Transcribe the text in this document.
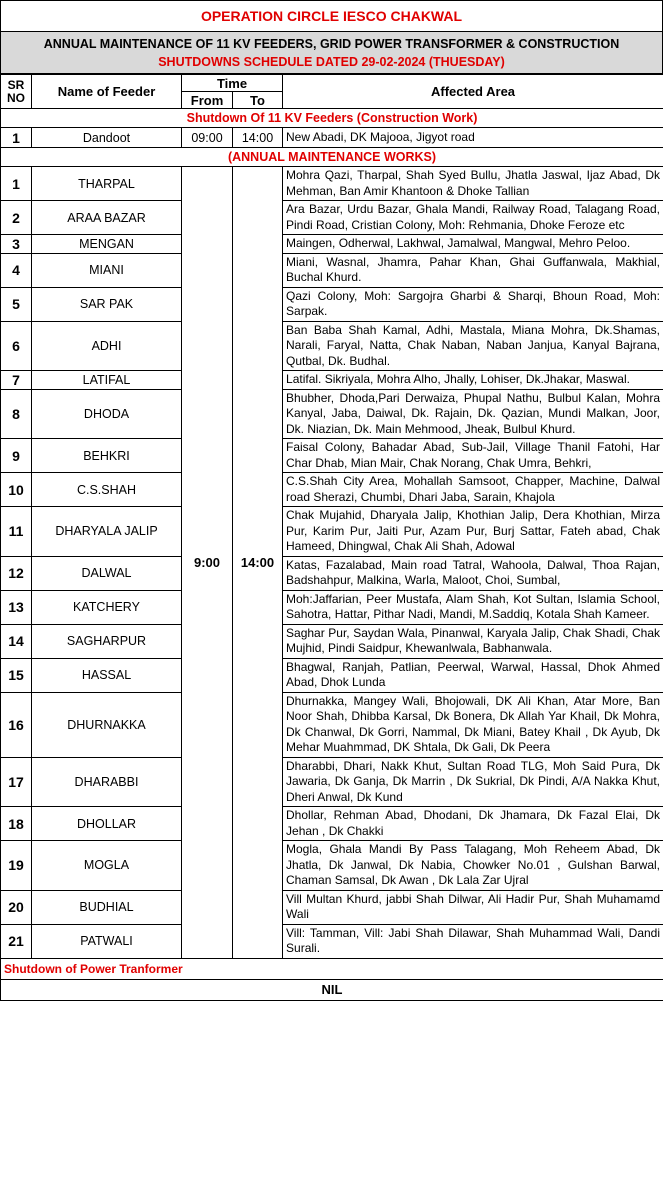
OPERATION CIRCLE IESCO CHAKWAL
ANNUAL MAINTENANCE OF 11 KV FEEDERS, GRID POWER TRANSFORMER & CONSTRUCTION
SHUTDOWNS SCHEDULE DATED 29-02-2024 (THUESDAY)
SR
NO	Name of Feeder	Time		Affected Area
		From	To	
Shutdown Of 11 KV Feeders (Construction Work)				
1	Dandoot	09:00	14:00	New Abadi, DK Majooa, Jigyot road
(ANNUAL MAINTENANCE WORKS)				
1	THARPAL	9:00	14:00	Mohra Qazi, Tharpal, Shah Syed Bullu, Jhatla Jaswal, Ijaz Abad, Dk Mehman, Ban Amir Khantoon & Dhoke Tallian
2	ARAA BAZAR			Ara Bazar, Urdu Bazar, Ghala Mandi, Railway Road, Talagang Road, Pindi Road, Cristian Colony, Moh: Rehmania, Dhoke Feroze etc
3	MENGAN			Maingen, Odherwal, Lakhwal, Jamalwal, Mangwal, Mehro Peloo.
4	MIANI			Miani, Wasnal, Jhamra, Pahar Khan, Ghai Guffanwala, Makhial, Buchal Khurd.
5	SAR PAK			Qazi Colony, Moh: Sargojra Gharbi & Sharqi, Bhoun Road, Moh: Sarpak.
6	ADHI			Ban Baba Shah Kamal, Adhi, Mastala, Miana Mohra, Dk.Shamas, Narali, Faryal, Natta, Chak Naban, Naban Janjua, Kanyal Bajrana, Qutbal, Dk. Budhal.
7	LATIFAL			Latifal. Sikriyala, Mohra Alho, Jhally, Lohiser, Dk.Jhakar, Maswal.
8	DHODA			Bhubher, Dhoda,Pari Derwaiza, Phupal Nathu, Bulbul Kalan, Mohra Kanyal, Jaba, Daiwal, Dk. Rajain, Dk. Qazian, Mundi Malkan, Joor, Dk. Niazian, Dk. Main Mehmood, Jheak, Bulbul Khurd.
9	BEHKRI			Faisal Colony, Bahadar Abad, Sub-Jail, Village Thanil Fatohi, Har Char Dhab, Mian Mair, Chak Norang, Chak Umra, Behkri,
10	C.S.SHAH			C.S.Shah City Area, Mohallah Samsoot, Chapper, Machine, Dalwal road Sherazi, Chumbi, Dhari Jaba, Sarain, Khajola
11	DHARYALA JALIP			Chak Mujahid, Dharyala Jalip, Khothian Jalip, Dera Khothian, Mirza Pur, Karim Pur, Jaiti Pur, Azam Pur, Burj Sattar, Fateh abad, Chak Hameed, Dhingwal, Chak Ali Shah, Adowal
12	DALWAL			Katas, Fazalabad, Main road Tatral, Wahoola, Dalwal, Thoa Rajan, Badshahpur, Malkina, Warla, Maloot, Choi, Sumbal,
13	KATCHERY			Moh:Jaffarian, Peer Mustafa, Alam Shah, Kot Sultan, Islamia School, Sahotra, Hattar, Pithar Nadi, Mandi, M.Saddiq, Kotala Shah Kameer.
14	SAGHARPUR			Saghar Pur, Saydan Wala, Pinanwal, Karyala Jalip, Chak Shadi, Chak Mujhid, Pindi Saidpur, Khewanlwala, Babhanwala.
15	HASSAL			Bhagwal, Ranjah, Patlian, Peerwal, Warwal, Hassal, Dhok Ahmed Abad, Dhok Lunda
16	DHURNAKKA			Dhurnakka, Mangey Wali, Bhojowali, DK Ali Khan, Atar More, Ban Noor Shah, Dhibba Karsal, Dk Bonera, Dk Allah Yar Khail, Dk Mohra, Dk Chanwal, Dk Gorri, Nammal, Dk Miani, Batey Khail , Dk Ayub, Dk Mehar Muahmmad, DK Shtala, Dk Gali, Dk Peera
17	DHARABBI			Dharabbi, Dhari, Nakk Khut, Sultan Road TLG, Moh Said Pura, Dk Jawaria, Dk Ganja, Dk Marrin , Dk Sukrial, Dk Pindi, A/A Nakka Khut, Dheri Anwal, Dk Kund
18	DHOLLAR			Dhollar, Rehman Abad, Dhodani, Dk Jhamara, Dk Fazal Elai, Dk Jehan , Dk Chakki
19	MOGLA			Mogla, Ghala Mandi By Pass Talagang, Moh Reheem Abad, Dk Jhatla, Dk Janwal, Dk Nabia, Chowker No.01 , Gulshan Barwal, Chaman Samsal, Dk Awan , Dk Lala Zar Ujral
20	BUDHIAL			Vill Multan Khurd, jabbi Shah Dilwar, Ali Hadir Pur, Shah Muhamamd Wali
21	PATWALI			Vill: Tamman, Vill: Jabi Shah Dilawar, Shah Muhammad Wali, Dandi Surali.
Shutdown of Power Tranformer				
NIL				
